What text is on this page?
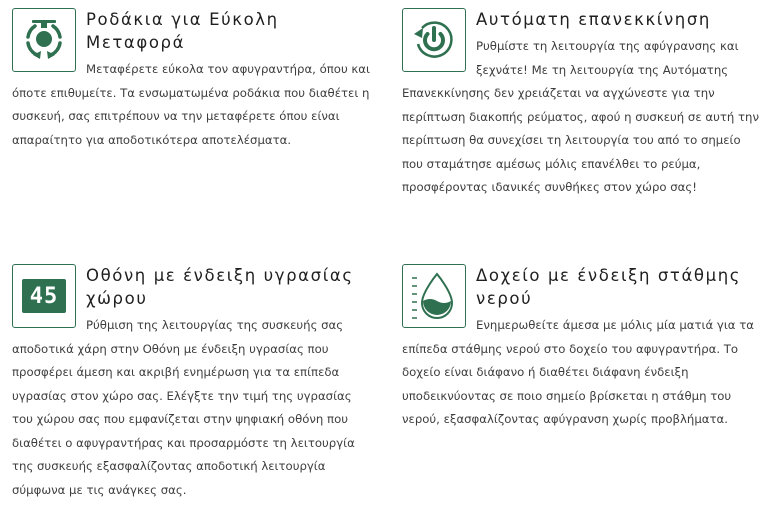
Ροδάκια για Εύκολη Μεταφορά
Μεταφέρετε εύκολα τον αφυγραντήρα, όπου και όποτε επιθυμείτε. Τα ενσωματωμένα ροδάκια που διαθέτει η συσκευή, σας επιτρέπουν να την μεταφέρετε όπου είναι απαραίτητο για αποδοτικότερα αποτελέσματα.
Αυτόματη επανεκκίνηση
Ρυθμίστε τη λειτουργία της αφύγρανσης και ξεχνάτε! Με τη λειτουργία της Αυτόματης Επανεκκίνησης δεν χρειάζεται να αγχώνεστε για την περίπτωση διακοπής ρεύματος, αφού η συσκευή σε αυτή την περίπτωση θα συνεχίσει τη λειτουργία του από το σημείο που σταμάτησε αμέσως μόλις επανέλθει το ρεύμα, προσφέροντας ιδανικές συνθήκες στον χώρο σας!
45
Οθόνη με ένδειξη υγρασίας χώρου
Ρύθμιση της λειτουργίας της συσκευής σας αποδοτικά χάρη στην Οθόνη με ένδειξη υγρασίας που προσφέρει άμεση και ακριβή ενημέρωση για τα επίπεδα υγρασίας στον χώρο σας. Ελέγξτε την τιμή της υγρασίας του χώρου σας που εμφανίζεται στην ψηφιακή οθόνη που διαθέτει ο αφυγραντήρας και προσαρμόστε τη λειτουργία της συσκευής εξασφαλίζοντας αποδοτική λειτουργία σύμφωνα με τις ανάγκες σας.
Δοχείο με ένδειξη στάθμης νερού
Ενημερωθείτε άμεσα με μόλις μία ματιά για τα επίπεδα στάθμης νερού στο δοχείο του αφυγραντήρα. Το δοχείο είναι διάφανο ή διαθέτει διάφανη ένδειξη υποδεικνύοντας σε ποιο σημείο βρίσκεται η στάθμη του νερού, εξασφαλίζοντας αφύγρανση χωρίς προβλήματα.
